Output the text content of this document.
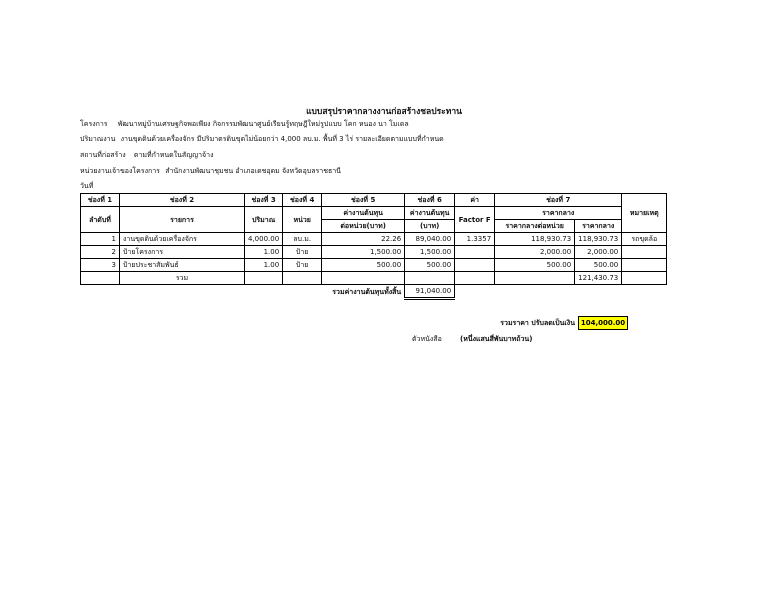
แบบสรุปราคากลางงานก่อสร้างชลประทาน
โครงการ พัฒนาหมู่บ้านเศรษฐกิจพอเพียง กิจกรรมพัฒนาศูนย์เรียนรู้ทฤษฎีใหม่รูปแบบ โคก หนอง นา โมเดล
ปริมาณงาน งานขุดดินด้วยเครื่องจักร มีปริมาตรดินขุดไม่น้อยกว่า 4,000 ลบ.ม. พื้นที่ 3 ไร่ รายละเอียดตามแบบที่กำหนด
สถานที่ก่อสร้าง ตามที่กำหนดในสัญญาจ้าง
หน่วยงานเจ้าของโครงการ สำนักงานพัฒนาชุมชน อำเภอเดชอุดม จังหวัดอุบลราชธานี
วันที่
ช่องที่ 1	ช่องที่ 2	ช่องที่ 3	ช่องที่ 4	ช่องที่ 5	ช่องที่ 6	ค่า	ช่องที่ 7		หมายเหตุ
ลำดับที่	รายการ	ปริมาณ	หน่วย	ค่างานต้นทุน	ค่างานต้นทุน	Factor F	ราคากลาง		
				ต่อหน่วย(บาท)	(บาท)		ราคากลางต่อหน่วย	ราคากลาง	
1	งานขุดดินด้วยเครื่องจักร	4,000.00	ลบ.ม.	22.26	89,040.00	1.3357	118,930.73	118,930.73	รถขุดล้อ
2	ป้ายโครงการ	1.00	ป้าย	1,500.00	1,500.00		2,000.00	2,000.00	
3	ป้ายประชาสัมพันธ์	1.00	ป้าย	500.00	500.00		500.00	500.00	
	รวม							121,430.73	
รวมค่างานต้นทุนทั้งสิ้น					91,040.00				
รวมราคา ปรับลดเป็นเงิน 104,000.00
ตัวหนังสือ	(หนึ่งแสนสี่พันบาทถ้วน)
